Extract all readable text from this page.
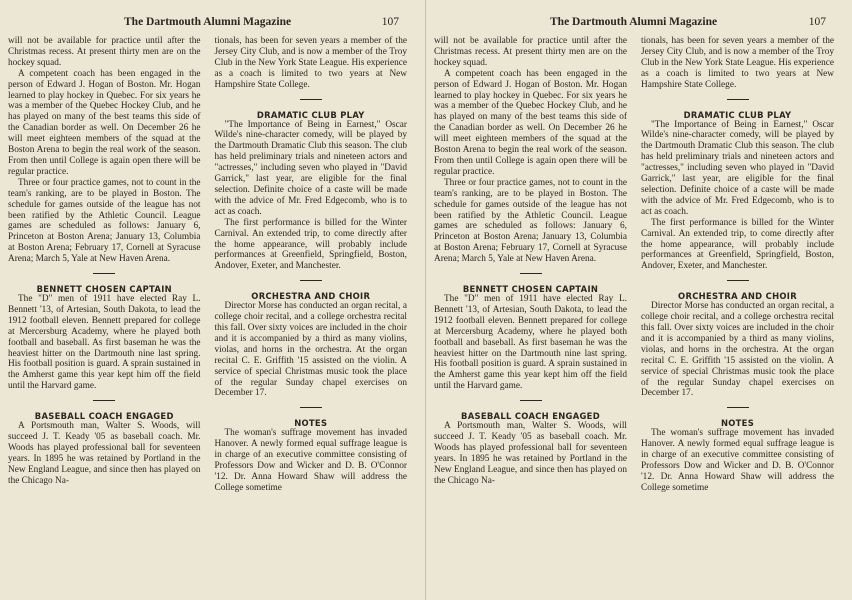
The Dartmouth Alumni Magazine	107

will not be available for practice until after the Christmas recess. At present thirty men are on the hockey squad.

A competent coach has been engaged in the person of Edward J. Hogan of Boston. Mr. Hogan learned to play hockey in Quebec. For six years he was a member of the Quebec Hockey Club, and he has played on many of the best teams this side of the Canadian border as well. On December 26 he will meet eighteen members of the squad at the Boston Arena to begin the real work of the season. From then until College is again open there will be regular practice.

Three or four practice games, not to count in the team's ranking, are to be played in Boston. The schedule for games outside of the league has not been ratified by the Athletic Council. League games are scheduled as follows: January 6, Princeton at Boston Arena; January 13, Columbia at Boston Arena; February 17, Cornell at Syracuse Arena; March 5, Yale at New Haven Arena.

BENNETT CHOSEN CAPTAIN

The "D" men of 1911 have elected Ray L. Bennett '13, of Artesian, South Dakota, to lead the 1912 football eleven. Bennett prepared for college at Mercersburg Academy, where he played both football and baseball. As first baseman he was the heaviest hitter on the Dartmouth nine last spring. His football position is guard. A sprain sustained in the Amherst game this year kept him off the field until the Harvard game.

BASEBALL COACH ENGAGED

A Portsmouth man, Walter S. Woods, will succeed J. T. Keady '05 as baseball coach. Mr. Woods has played professional ball for seventeen years. In 1895 he was retained by Portland in the New England League, and since then has played on the Chicago Na-

tionals, has been for seven years a member of the Jersey City Club, and is now a member of the Troy Club in the New York State League. His experience as a coach is limited to two years at New Hampshire State College.

DRAMATIC CLUB PLAY

"The Importance of Being in Earnest," Oscar Wilde's nine-character comedy, will be played by the Dartmouth Dramatic Club this season. The club has held preliminary trials and nineteen actors and "actresses," including seven who played in "David Garrick," last year, are eligible for the final selection. Definite choice of a caste will be made with the advice of Mr. Fred Edgecomb, who is to act as coach.

The first performance is billed for the Winter Carnival. An extended trip, to come directly after the home appearance, will probably include performances at Greenfield, Springfield, Boston, Andover, Exeter, and Manchester.

ORCHESTRA AND CHOIR

Director Morse has conducted an organ recital, a college choir recital, and a college orchestra recital this fall. Over sixty voices are included in the choir and it is accompanied by a third as many violins, violas, and horns in the orchestra. At the organ recital C. E. Griffith '15 assisted on the violin. A service of special Christmas music took the place of the regular Sunday chapel exercises on December 17.

NOTES

The woman's suffrage movement has invaded Hanover. A newly formed equal suffrage league is in charge of an executive committee consisting of Professors Dow and Wicker and D. B. O'Connor '12. Dr. Anna Howard Shaw will address the College sometime

The Dartmouth Alumni Magazine	107

will not be available for practice until after the Christmas recess. At present thirty men are on the hockey squad.

A competent coach has been engaged in the person of Edward J. Hogan of Boston. Mr. Hogan learned to play hockey in Quebec. For six years he was a member of the Quebec Hockey Club, and he has played on many of the best teams this side of the Canadian border as well. On December 26 he will meet eighteen members of the squad at the Boston Arena to begin the real work of the season. From then until College is again open there will be regular practice.

Three or four practice games, not to count in the team's ranking, are to be played in Boston. The schedule for games outside of the league has not been ratified by the Athletic Council. League games are scheduled as follows: January 6, Princeton at Boston Arena; January 13, Columbia at Boston Arena; February 17, Cornell at Syracuse Arena; March 5, Yale at New Haven Arena.

BENNETT CHOSEN CAPTAIN

The "D" men of 1911 have elected Ray L. Bennett '13, of Artesian, South Dakota, to lead the 1912 football eleven. Bennett prepared for college at Mercersburg Academy, where he played both football and baseball. As first baseman he was the heaviest hitter on the Dartmouth nine last spring. His football position is guard. A sprain sustained in the Amherst game this year kept him off the field until the Harvard game.

BASEBALL COACH ENGAGED

A Portsmouth man, Walter S. Woods, will succeed J. T. Keady '05 as baseball coach. Mr. Woods has played professional ball for seventeen years. In 1895 he was retained by Portland in the New England League, and since then has played on the Chicago Na-

tionals, has been for seven years a member of the Jersey City Club, and is now a member of the Troy Club in the New York State League. His experience as a coach is limited to two years at New Hampshire State College.

DRAMATIC CLUB PLAY

"The Importance of Being in Earnest," Oscar Wilde's nine-character comedy, will be played by the Dartmouth Dramatic Club this season. The club has held preliminary trials and nineteen actors and "actresses," including seven who played in "David Garrick," last year, are eligible for the final selection. Definite choice of a caste will be made with the advice of Mr. Fred Edgecomb, who is to act as coach.

The first performance is billed for the Winter Carnival. An extended trip, to come directly after the home appearance, will probably include performances at Greenfield, Springfield, Boston, Andover, Exeter, and Manchester.

ORCHESTRA AND CHOIR

Director Morse has conducted an organ recital, a college choir recital, and a college orchestra recital this fall. Over sixty voices are included in the choir and it is accompanied by a third as many violins, violas, and horns in the orchestra. At the organ recital C. E. Griffith '15 assisted on the violin. A service of special Christmas music took the place of the regular Sunday chapel exercises on December 17.

NOTES

The woman's suffrage movement has invaded Hanover. A newly formed equal suffrage league is in charge of an executive committee consisting of Professors Dow and Wicker and D. B. O'Connor '12. Dr. Anna Howard Shaw will address the College sometime
